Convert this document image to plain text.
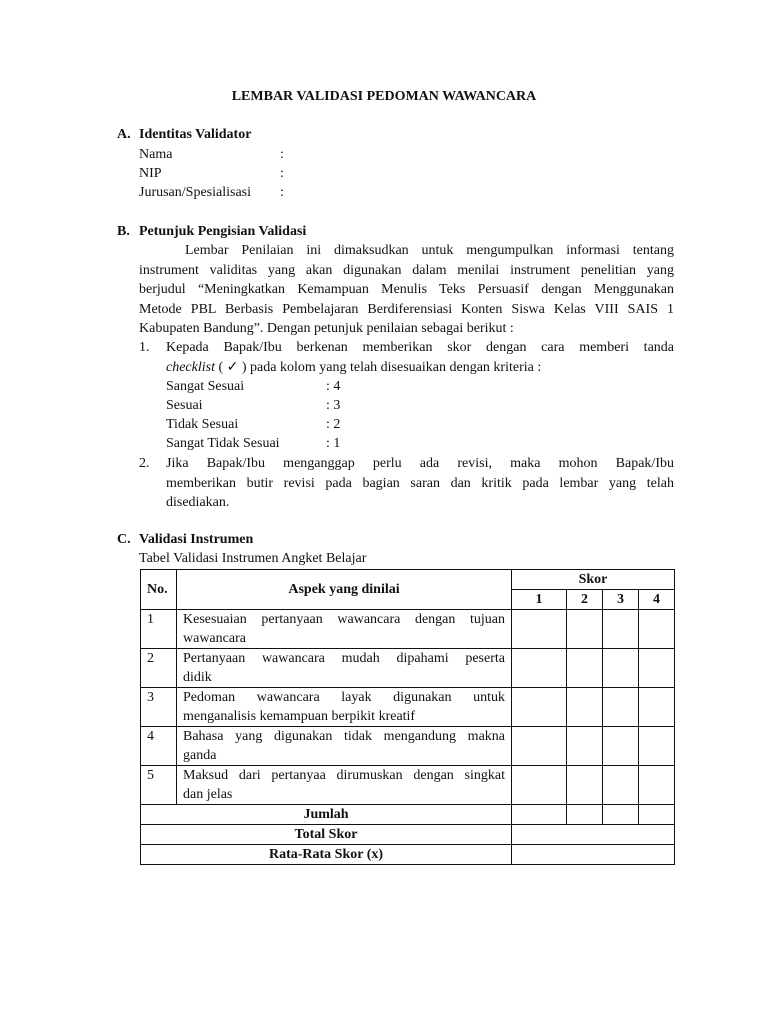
LEMBAR VALIDASI PEDOMAN WAWANCARA
A. Identitas Validator
Nama	:
NIP	:
Jurusan/Spesialisasi :
B. Petunjuk Pengisian Validasi
Lembar Penilaian ini dimaksudkan untuk mengumpulkan informasi tentang
instrument validitas yang akan digunakan dalam menilai instrument penelitian yang
berjudul “Meningkatkan Kemampuan Menulis Teks Persuasif dengan Menggunakan
Metode PBL Berbasis Pembelajaran Berdiferensiasi Konten Siswa Kelas VIII SAIS 1
Kabupaten Bandung”. Dengan petunjuk penilaian sebagai berikut :
1. Kepada Bapak/Ibu berkenan memberikan skor dengan cara memberi tanda
checklist ( ✓ ) pada kolom yang telah disesuaikan dengan kriteria :
Sangat Sesuai	: 4
Sesuai	: 3
Tidak Sesuai	: 2
Sangat Tidak Sesuai	: 1
2. Jika Bapak/Ibu menganggap perlu ada revisi, maka mohon Bapak/Ibu
memberikan butir revisi pada bagian saran dan kritik pada lembar yang telah
disediakan.
C. Validasi Instrumen
Tabel Validasi Instrumen Angket Belajar
No.	Aspek yang dinilai	Skor			
		1	2	3	4
1	Kesesuaian pertanyaan wawancara dengan tujuan
wawancara				

2	Pertanyaan wawancara mudah dipahami peserta
didik				

3	Pedoman wawancara layak digunakan untuk
menganalisis kemampuan berpikit kreatif				

4	Bahasa yang digunakan tidak mengandung makna
ganda				

5	Maksud dari pertanyaa dirumuskan dengan singkat
dan jelas				

Jumlah					
Total Skor					
Rata-Rata Skor (x)					
